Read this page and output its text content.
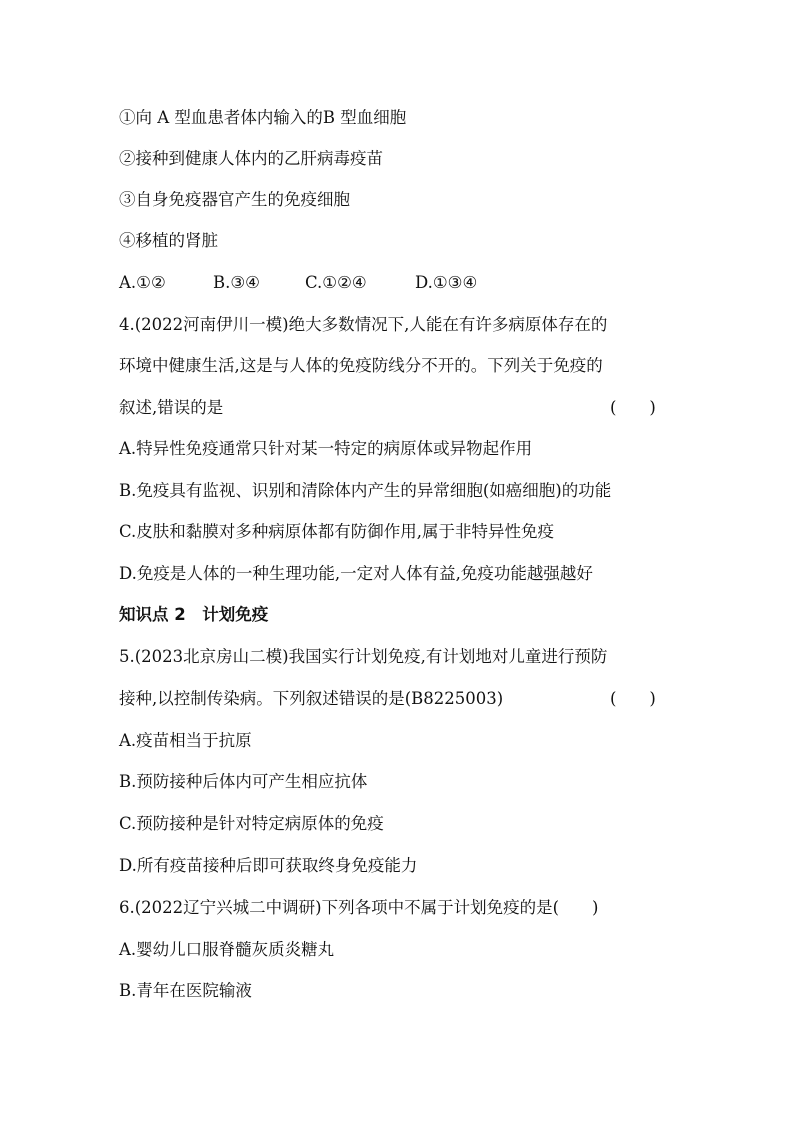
①向 A 型血患者体内输入的B 型血细胞
②接种到健康人体内的乙肝病毒疫苗
③自身免疫器官产生的免疫细胞
④移植的肾脏
A.①②	B.③④	C.①②④	D.①③④
4.(2022河南伊川一模)绝大多数情况下,人能在有许多病原体存在的
环境中健康生活,这是与人体的免疫防线分不开的。下列关于免疫的
叙述,错误的是	(　　)
A.特异性免疫通常只针对某一特定的病原体或异物起作用
B.免疫具有监视、识别和清除体内产生的异常细胞(如癌细胞)的功能
C.皮肤和黏膜对多种病原体都有防御作用,属于非特异性免疫
D.免疫是人体的一种生理功能,一定对人体有益,免疫功能越强越好
知识点 2　计划免疫
5.(2023北京房山二模)我国实行计划免疫,有计划地对儿童进行预防
接种,以控制传染病。下列叙述错误的是(B8225003)	(　　)
A.疫苗相当于抗原
B.预防接种后体内可产生相应抗体
C.预防接种是针对特定病原体的免疫
D.所有疫苗接种后即可获取终身免疫能力
6.(2022辽宁兴城二中调研)下列各项中不属于计划免疫的是(　　)
A.婴幼儿口服脊髓灰质炎糖丸
B.青年在医院输液
